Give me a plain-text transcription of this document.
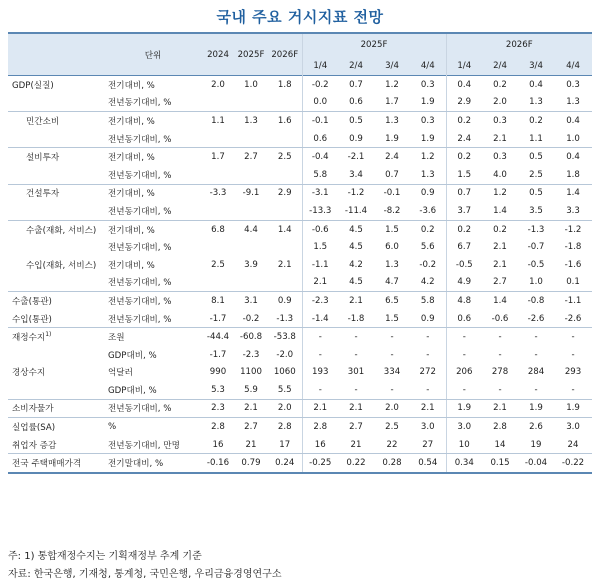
국내 주요 거시지표 전망
	단위	2024	2025F	2026F	2025F				2026F			
					1/4	2/4	3/4	4/4	1/4	2/4	3/4	4/4
GDP(실질)	전기대비, %	2.0	1.0	1.8	-0.2	0.7	1.2	0.3	0.4	0.2	0.4	0.3
	전년동기대비, %				0.0	0.6	1.7	1.9	2.9	2.0	1.3	1.3
민간소비	전기대비, %	1.1	1.3	1.6	-0.1	0.5	1.3	0.3	0.2	0.3	0.2	0.4
	전년동기대비, %				0.6	0.9	1.9	1.9	2.4	2.1	1.1	1.0
설비투자	전기대비, %	1.7	2.7	2.5	-0.4	-2.1	2.4	1.2	0.2	0.3	0.5	0.4
	전년동기대비, %				5.8	3.4	0.7	1.3	1.5	4.0	2.5	1.8
건설투자	전기대비, %	-3.3	-9.1	2.9	-3.1	-1.2	-0.1	0.9	0.7	1.2	0.5	1.4
	전년동기대비, %				-13.3	-11.4	-8.2	-3.6	3.7	1.4	3.5	3.3
수출(재화, 서비스)	전기대비, %	6.8	4.4	1.4	-0.6	4.5	1.5	0.2	0.2	0.2	-1.3	-1.2
	전년동기대비, %				1.5	4.5	6.0	5.6	6.7	2.1	-0.7	-1.8
수입(재화, 서비스)	전기대비, %	2.5	3.9	2.1	-1.1	4.2	1.3	-0.2	-0.5	2.1	-0.5	-1.6
	전년동기대비, %				2.1	4.5	4.7	4.2	4.9	2.7	1.0	0.1
수출(통관)	전년동기대비, %	8.1	3.1	0.9	-2.3	2.1	6.5	5.8	4.8	1.4	-0.8	-1.1
수입(통관)	전년동기대비, %	-1.7	-0.2	-1.3	-1.4	-1.8	1.5	0.9	0.6	-0.6	-2.6	-2.6
재정수지$^{1)}$	조원	-44.4	-60.8	-53.8	-	-	-	-	-	-	-	-
	GDP대비, %	-1.7	-2.3	-2.0	-	-	-	-	-	-	-	-
경상수지	억달러	990	1100	1060	193	301	334	272	206	278	284	293
	GDP대비, %	5.3	5.9	5.5	-	-	-	-	-	-	-	-
소비자물가	전년동기대비, %	2.3	2.1	2.0	2.1	2.1	2.0	2.1	1.9	2.1	1.9	1.9
실업률(SA)	%	2.8	2.7	2.8	2.8	2.7	2.5	3.0	3.0	2.8	2.6	3.0
취업자 증감	전년동기대비, 만명	16	21	17	16	21	22	27	10	14	19	24
전국 주택매매가격	전기말대비, %	-0.16	0.79	0.24	-0.25	0.22	0.28	0.54	0.34	0.15	-0.04	-0.22
주: 1) 통합재정수지는 기획재정부 추계 기준
자료: 한국은행, 기재청, 통계청, 국민은행, 우리금융경영연구소
